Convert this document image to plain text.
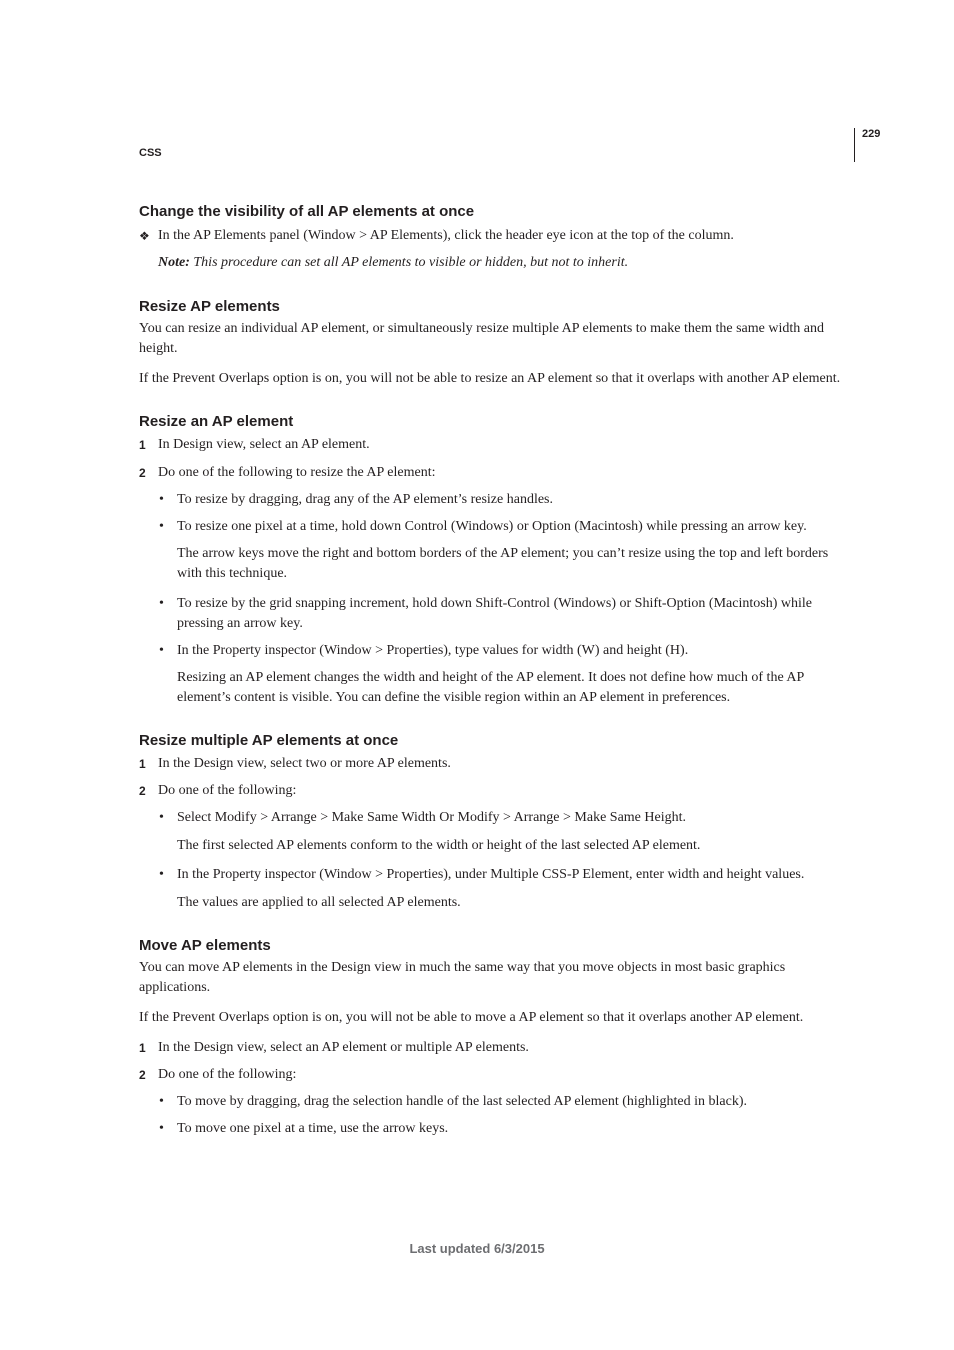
229
CSS
Change the visibility of all AP elements at once
❖ In the AP Elements panel (Window > AP Elements), click the header eye icon at the top of the column.
Note: This procedure can set all AP elements to visible or hidden, but not to inherit.
Resize AP elements

You can resize an individual AP element, or simultaneously resize multiple AP elements to make them the same width and height.

If the Prevent Overlaps option is on, you will not be able to resize an AP element so that it overlaps with another AP element.

Resize an AP element
1 In Design view, select an AP element.
2 Do one of the following to resize the AP element:
• To resize by dragging, drag any of the AP element’s resize handles.
• To resize one pixel at a time, hold down Control (Windows) or Option (Macintosh) while pressing an arrow key.

The arrow keys move the right and bottom borders of the AP element; you can’t resize using the top and left borders with this technique.

• To resize by the grid snapping increment, hold down Shift-Control (Windows) or Shift-Option (Macintosh) while pressing an arrow key.
• In the Property inspector (Window > Properties), type values for width (W) and height (H).

Resizing an AP element changes the width and height of the AP element. It does not define how much of the AP element’s content is visible. You can define the visible region within an AP element in preferences.

Resize multiple AP elements at once
1 In the Design view, select two or more AP elements.
2 Do one of the following:
• Select Modify > Arrange > Make Same Width Or Modify > Arrange > Make Same Height.

The first selected AP elements conform to the width or height of the last selected AP element.

• In the Property inspector (Window > Properties), under Multiple CSS-P Element, enter width and height values.

The values are applied to all selected AP elements.

Move AP elements

You can move AP elements in the Design view in much the same way that you move objects in most basic graphics applications.

If the Prevent Overlaps option is on, you will not be able to move a AP element so that it overlaps another AP element.

1 In the Design view, select an AP element or multiple AP elements.
2 Do one of the following:
• To move by dragging, drag the selection handle of the last selected AP element (highlighted in black).
• To move one pixel at a time, use the arrow keys.
Last updated 6/3/2015
